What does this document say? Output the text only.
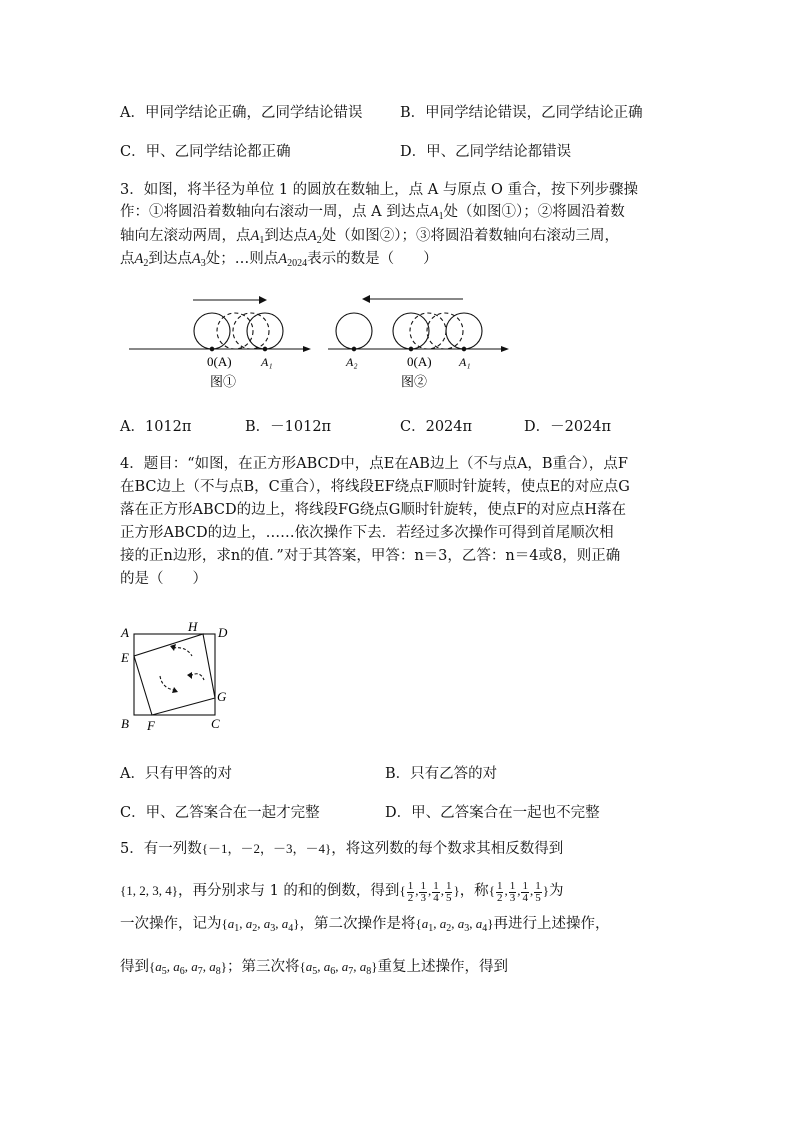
A．甲同学结论正确，乙同学结论错误	B．甲同学结论错误，乙同学结论正确
C．甲、乙同学结论都正确	D．甲、乙同学结论都错误
3．如图，将半径为单位 1 的圆放在数轴上，点 A 与原点 O 重合，按下列步骤操
作：①将圆沿着数轴向右滚动一周，点 A 到达点$A_1$处（如图①）；②将圆沿着数
轴向左滚动两周，点$A_1$到达点$A_2$处（如图②）；③将圆沿着数轴向右滚动三周，
点$A_2$到达点$A_3$处；…则点$A_{2024}$表示的数是（　　）
0(A) A₁
图①
A₂	0(A) A₁
图②
A．1012π	B．－1012π	C．2024π	D．－2024π
4．题目：“如图，在正方形ABCD中，点E在AB边上（不与点A，B重合），点F
在BC边上（不与点B，C重合），将线段EF绕点F顺时针旋转，使点E的对应点G
落在正方形ABCD的边上，将线段FG绕点G顺时针旋转，使点F的对应点H落在
正方形ABCD的边上，……依次操作下去．若经过多次操作可得到首尾顺次相
接的正n边形，求n的值．”对于其答案，甲答：n＝3，乙答：n＝4或8，则正确
的是（　　）
A	H D
E
G
B F	C
A．只有甲答的对	B．只有乙答的对
C．甲、乙答案合在一起才完整	D．甲、乙答案合在一起也不完整
5．有一列数{－1，－2，－3，－4}，将这列数的每个数求其相反数得到
{1, 2, 3, 4}，再分别求与 1 的和的倒数，得到{ $\frac{1}{2}$ , $\frac{1}{3}$ , $\frac{1}{4}$ , $\frac{1}{5}$ }，称{ $\frac{1}{2}$ , $\frac{1}{3}$ , $\frac{1}{4}$ , $\frac{1}{5}$ }为
一次操作，记为{$a_1$, $a_2$, $a_3$, $a_4$}，第二次操作是将{$a_1$, $a_2$, $a_3$, $a_4$}再进行上述操作，
得到{$a_5$, $a_6$, $a_7$, $a_8$}；第三次将{$a_5$, $a_6$, $a_7$, $a_8$}重复上述操作，得到
